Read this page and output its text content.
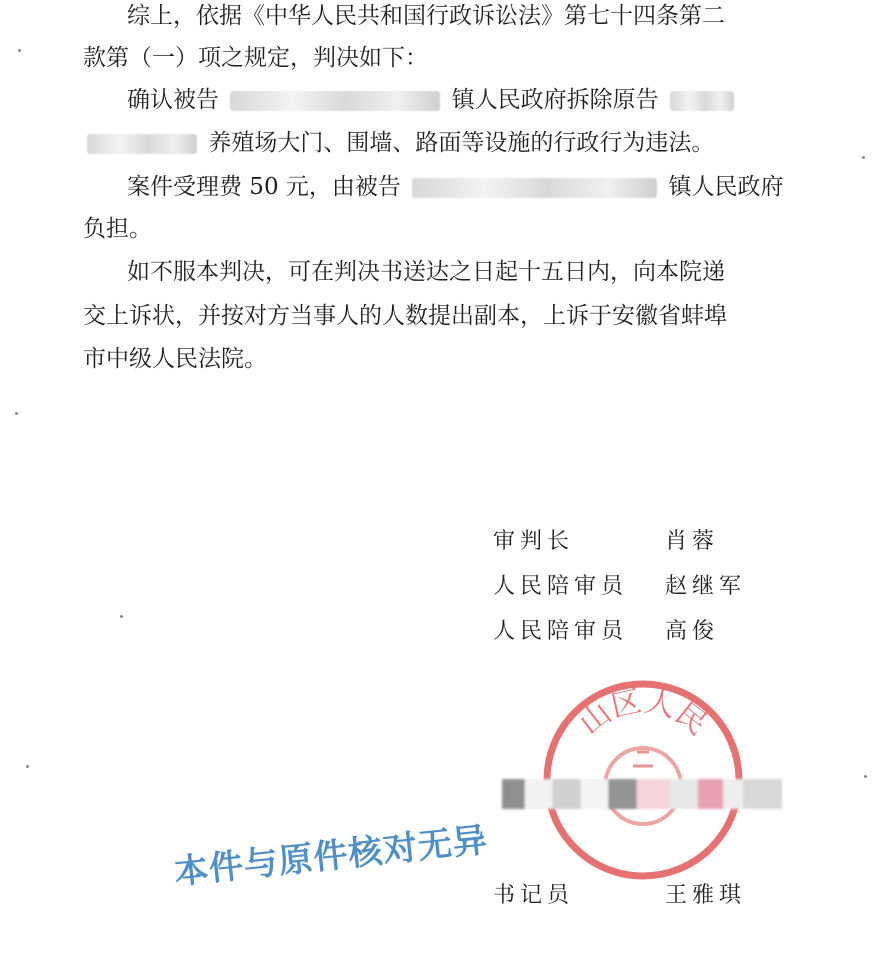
综上，依据《中华人民共和国行政诉讼法》第七十四条第二
款第（一）项之规定，判决如下：
确认被告	镇人民政府拆除原告
养殖场大门、围墙、路面等设施的行政行为违法。
案件受理费 50 元，由被告	镇人民政府
负担。
如不服本判决，可在判决书送达之日起十五日内，向本院递
交上诉状，并按对方当事人的人数提出副本，上诉于安徽省蚌埠
市中级人民法院。
审判长	肖蓉
人民陪审员 赵继军
人民陪审员 高俊
山区人民
本件与原件核对无异
书记员	王雅琪
